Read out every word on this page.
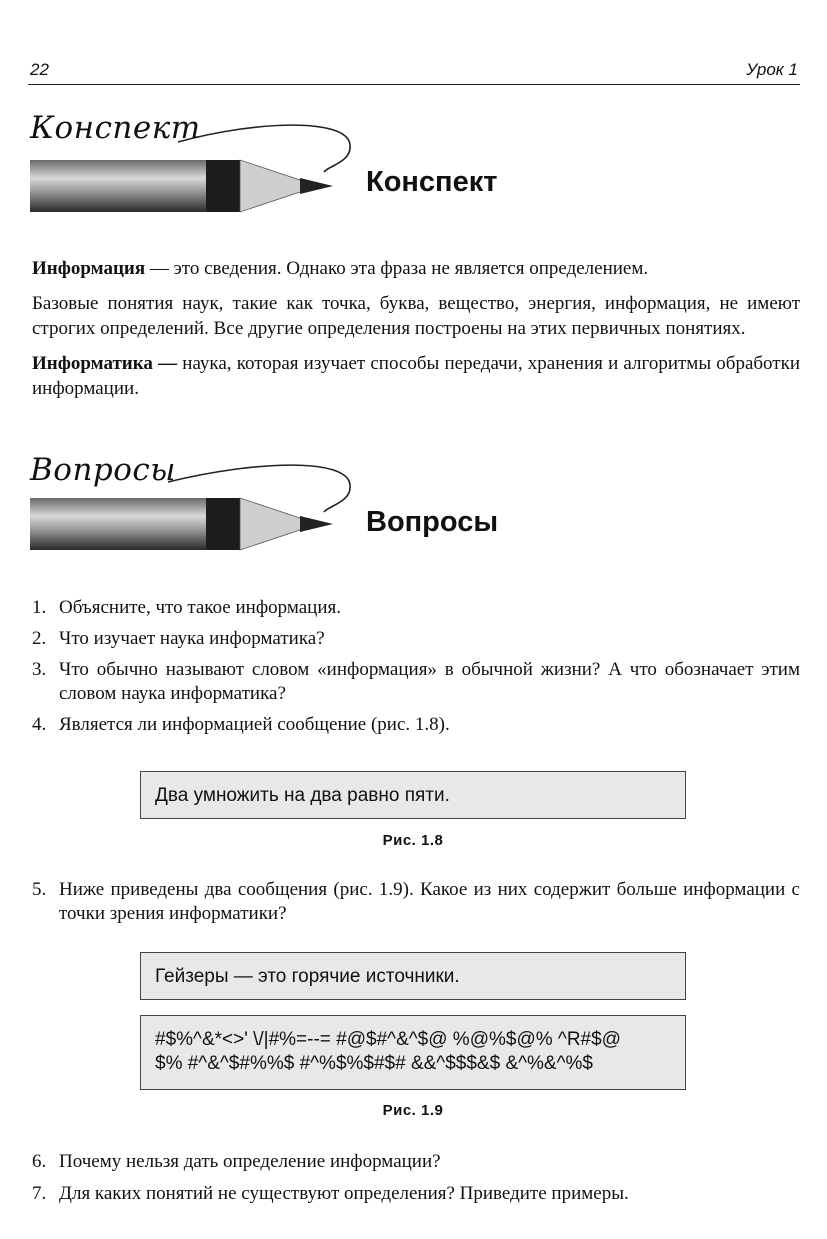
22	Урок 1
Конспект
Конспект

Информация — это сведения. Однако эта фраза не является определением.

Базовые понятия наук, такие как точка, буква, вещество, энергия, информация, не имеют строгих определений. Все другие определения построены на этих первичных понятиях.

Информатика — наука, которая изучает способы передачи, хранения и алгоритмы обработки информации.

Вопросы
Вопросы
1. Объясните, что такое информация.
2. Что изучает наука информатика?
3. Что обычно называют словом «информация» в обычной жизни? А что обозначает этим словом наука информатика?
4. Является ли информацией сообщение (рис. 1.8).
Два умножить на два равно пяти.
Рис. 1.8
5. Ниже приведены два сообщения (рис. 1.9). Какое из них содержит больше информации с точки зрения информатики?
Гейзеры — это горячие источники.
#$%^&*<>' \/|#%=--= #@$#^&^$@ %@%$@% ^R#$@
$% #^&^$#%%$ #^%$%$#$# &&^$$$&$ &^%&^%$
Рис. 1.9
6. Почему нельзя дать определение информации?
7. Для каких понятий не существуют определения? Приведите примеры.
